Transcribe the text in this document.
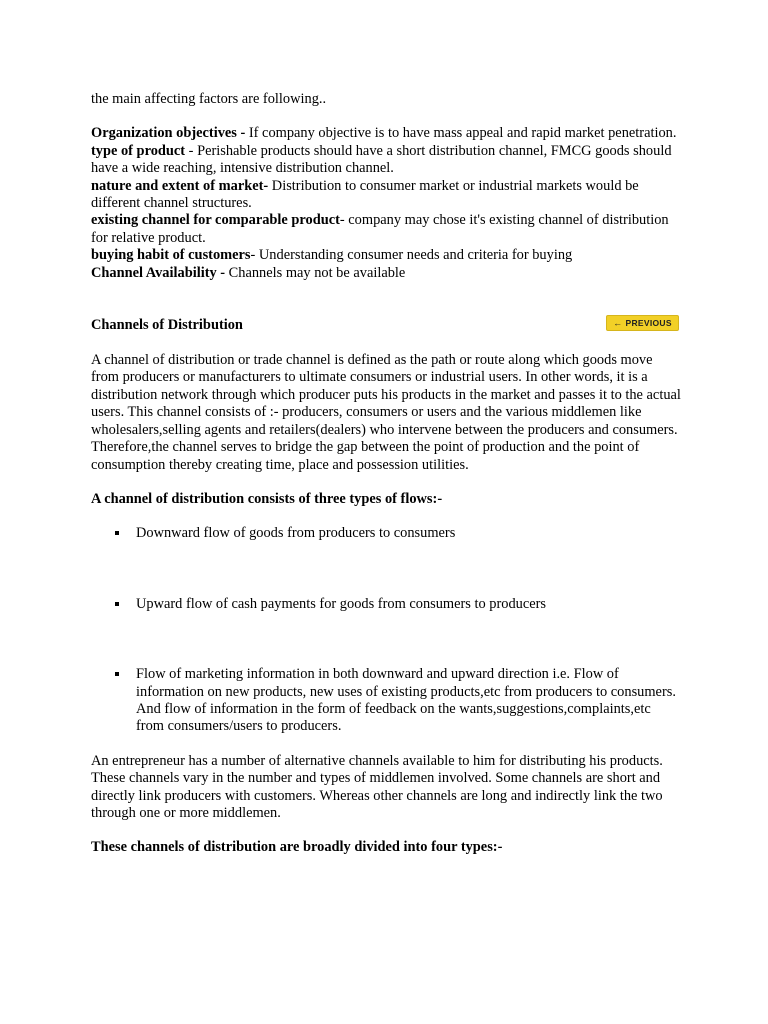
the main affecting factors are following..

Organization objectives - If company objective is to have mass appeal and rapid market penetration.

type of product - Perishable products should have a short distribution channel, FMCG goods should have a wide reaching, intensive distribution channel.

nature and extent of market- Distribution to consumer market or industrial markets would be different channel structures.

existing channel for comparable product- company may chose it's existing channel of distribution for relative product.

buying habit of customers- Understanding consumer needs and criteria for buying

Channel Availability - Channels may not be available

Channels of Distribution	← PREVIOUS

A channel of distribution or trade channel is defined as the path or route along which goods move from producers or manufacturers to ultimate consumers or industrial users. In other words, it is a distribution network through which producer puts his products in the market and passes it to the actual users. This channel consists of :- producers, consumers or users and the various middlemen like wholesalers,selling agents and retailers(dealers) who intervene between the producers and consumers. Therefore,the channel serves to bridge the gap between the point of production and the point of consumption thereby creating time, place and possession utilities.

A channel of distribution consists of three types of flows:-

Downward flow of goods from producers to consumers
Upward flow of cash payments for goods from consumers to producers
Flow of marketing information in both downward and upward direction i.e. Flow of information on new products, new uses of existing products,etc from producers to consumers. And flow of information in the form of feedback on the wants,suggestions,complaints,etc from consumers/users to producers.

An entrepreneur has a number of alternative channels available to him for distributing his products. These channels vary in the number and types of middlemen involved. Some channels are short and directly link producers with customers. Whereas other channels are long and indirectly link the two through one or more middlemen.

These channels of distribution are broadly divided into four types:-
